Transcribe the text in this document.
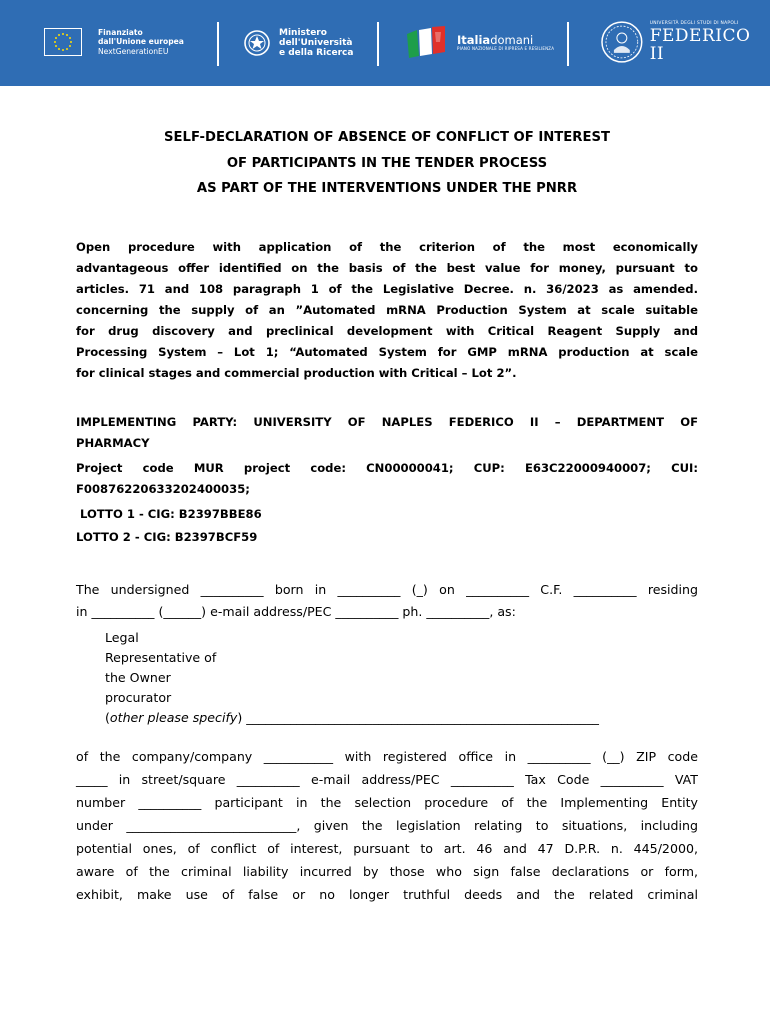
Finanziato
dall'Unione europea
NextGenerationEU
Ministero
dell'Università
e della Ricerca
Italiadomani
PIANO NAZIONALE DI RIPRESA E RESILIENZA
UNIVERSITÀ DEGLI STUDI DI NAPOLI
FEDERICO II
SELF-DECLARATION OF ABSENCE OF CONFLICT OF INTEREST
OF PARTICIPANTS IN THE TENDER PROCESS
AS PART OF THE INTERVENTIONS UNDER THE PNRR
Open procedure with application of the criterion of the most economically
advantageous offer identified on the basis of the best value for money, pursuant to
articles. 71 and 108 paragraph 1 of the Legislative Decree. n. 36/2023 as amended.
concerning the supply of an ”Automated mRNA Production System at scale suitable
for drug discovery and preclinical development with Critical Reagent Supply and
Processing System – Lot 1; “Automated System for GMP mRNA production at scale
for clinical stages and commercial production with Critical – Lot 2”.
IMPLEMENTING PARTY: UNIVERSITY OF NAPLES FEDERICO II – DEPARTMENT OF
PHARMACY
Project code MUR project code: CN00000041; CUP: E63C22000940007; CUI:
F00876220633202400035;
LOTTO 1 - CIG: B2397BBE86
LOTTO 2 - CIG: B2397BCF59
The undersigned __________ born in __________ (_) on __________ C.F. __________ residing
in __________ (______) e-mail address/PEC __________ ph. __________, as:
Legal
Representative of
the Owner
procurator
(other please specify) ________________________________________________________
of the company/company ___________ with registered office in __________ (__) ZIP code
_____ in street/square __________ e-mail address/PEC __________ Tax Code __________ VAT
number __________ participant in the selection procedure of the Implementing Entity
under ___________________________, given the legislation relating to situations, including
potential ones, of conflict of interest, pursuant to art. 46 and 47 D.P.R. n. 445/2000,
aware of the criminal liability incurred by those who sign false declarations or form,
exhibit, make use of false or no longer truthful deeds and the related criminal
